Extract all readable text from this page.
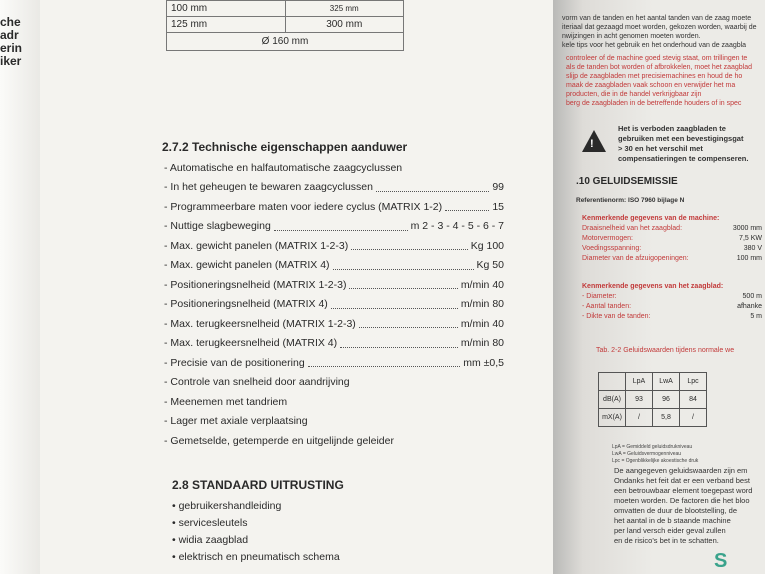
che
adr
erin
iker
100 mm	325 mm
125 mm	300 mm
Ø 160 mm	
2.7.2 Technische eigenschappen aanduwer
- Automatische en halfautomatische zaagcyclussen
- In het geheugen te bewaren zaagcyclussen	99
- Programmeerbare maten voor iedere cyclus (MATRIX 1-2)	15
- Nuttige slagbeweging	m 2 - 3 - 4 - 5 - 6 - 7
- Max. gewicht panelen (MATRIX 1-2-3)	Kg 100
- Max. gewicht panelen (MATRIX 4)	Kg 50
- Positioneringsnelheid (MATRIX 1-2-3)	m/min 40
- Positioneringsnelheid (MATRIX 4)	m/min 80
- Max. terugkeersnelheid (MATRIX 1-2-3)	m/min 40
- Max. terugkeersnelheid (MATRIX 4)	m/min 80
- Precisie van de positionering	mm ±0,5
- Controle van snelheid door aandrijving
- Meenemen met tandriem
- Lager met axiale verplaatsing
- Gemetselde, getemperde en uitgelijnde geleider
2.8 STANDAARD UITRUSTING
• gebruikershandleiding
• servicesleutels
• widia zaagblad
• elektrisch en pneumatisch schema
vorm van de tanden en het aantal tanden van de zaag moete
iteriaal dat gezaagd moet worden, gekozen worden, waarbij de
nwijzingen in acht genomen moeten worden.
kele tips voor het gebruik en het onderhoud van de zaagbla
controleer of de machine goed stevig staat, om trillingen te
als de tanden bot worden of afbrokkelen, moet het zaagblad
slijp de zaagbladen met precisiemachines en houd de ho
maak de zaagbladen vaak schoon en verwijder het ma
producten, die in de handel verkrijgbaar zijn
berg de zaagbladen in de betreffende houders of in spec
!
Het is verboden zaagbladen te
gebruiken met een bevestigingsgat
> 30 en het verschil met
compensatieringen te compenseren.
.10 GELUIDSEMISSIE
Referentienorm: ISO 7960 bijlage N
Kenmerkende gegevens van de machine:
Draaisnelheid van het zaagblad:	3000 mm
Motorvermogen:	7,5 KW
Voedingsspanning:	380 V
Diameter van de afzuigopeningen:	100 mm
Kenmerkende gegevens van het zaagblad:
- Diameter:	500 m
- Aantal tanden:	afhanke
- Dikte van de tanden:	5 m
Tab. 2-2 Geluidswaarden tijdens normale we
	LpA	LwA	Lpc
dB(A)	93	96	84
mX(A)	/	5,8	/
LpA = Gemiddeld geluidsdrukniveau
LwA = Geluidsvermogenniveau
Lpc = Ogenblikkelijke akoestische druk
De aangegeven geluidswaarden zijn em
Ondanks het feit dat er een verband best
een betrouwbaar element toegepast word
moeten worden. De factoren die het bloo
omvatten de duur de blootstelling, de
het aantal in de b staande machine
per land versch eider geval zullen
en de risico's bet in te schatten.
S
